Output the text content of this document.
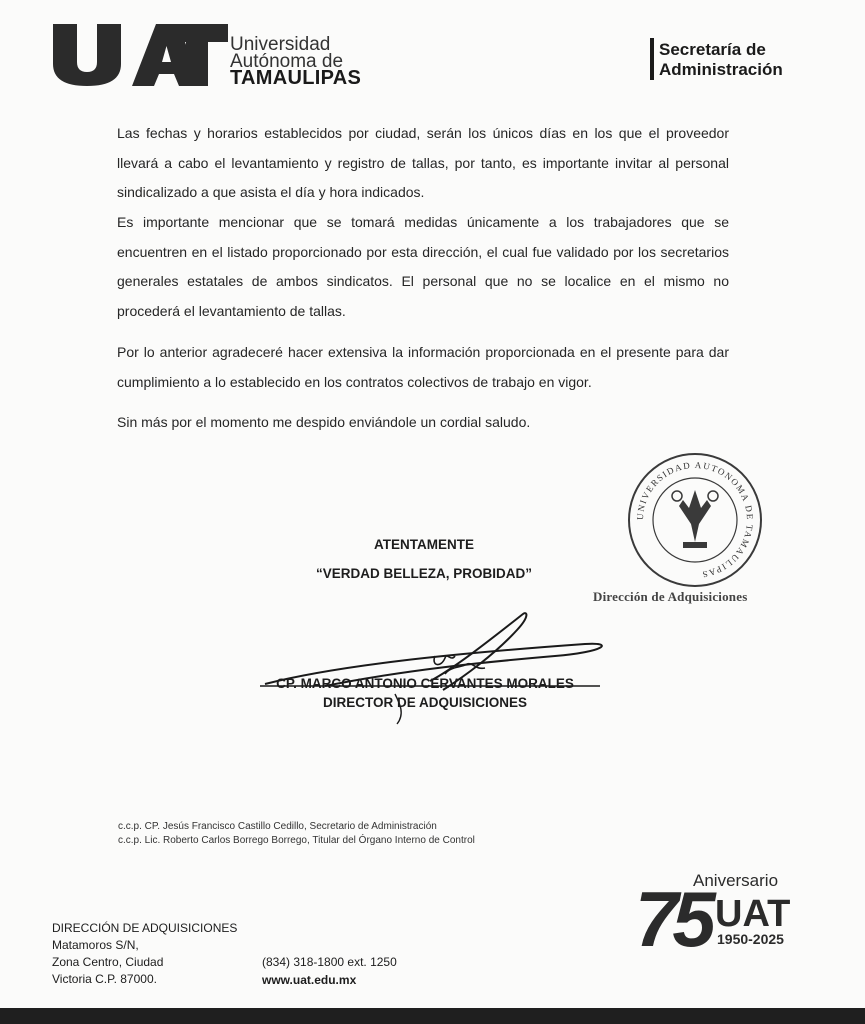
Universidad
Autónoma de
TAMAULIPAS
Secretaría de
Administración
Las fechas y horarios establecidos por ciudad, serán los únicos días en los que el proveedor llevará a cabo el levantamiento y registro de tallas, por tanto, es importante invitar al personal sindicalizado a que asista el día y hora indicados.
Es importante mencionar que se tomará medidas únicamente a los trabajadores que se encuentren en el listado proporcionado por esta dirección, el cual fue validado por los secretarios generales estatales de ambos sindicatos. El personal que no se localice en el mismo no procederá el levantamiento de tallas.
Por lo anterior agradeceré hacer extensiva la información proporcionada en el presente para dar cumplimiento a lo establecido en los contratos colectivos de trabajo en vigor.
Sin más por el momento me despido enviándole un cordial saludo.
ATENTAMENTE
“VERDAD BELLEZA, PROBIDAD”
UNIVERSIDAD AUTONOMA DE TAMAULIPAS
Dirección de Adquisiciones
CP. MARCO ANTONIO CERVANTES MORALES
DIRECTOR DE ADQUISICIONES
c.c.p. CP. Jesús Francisco Castillo Cedillo, Secretario de Administración
c.c.p. Lic. Roberto Carlos Borrego Borrego, Titular del Órgano Interno de Control
Aniversario
75 UAT
1950-2025
DIRECCIÓN DE ADQUISICIONES
Matamoros S/N,
Zona Centro, Ciudad
Victoria C.P. 87000.
(834) 318-1800 ext. 1250
www.uat.edu.mx
